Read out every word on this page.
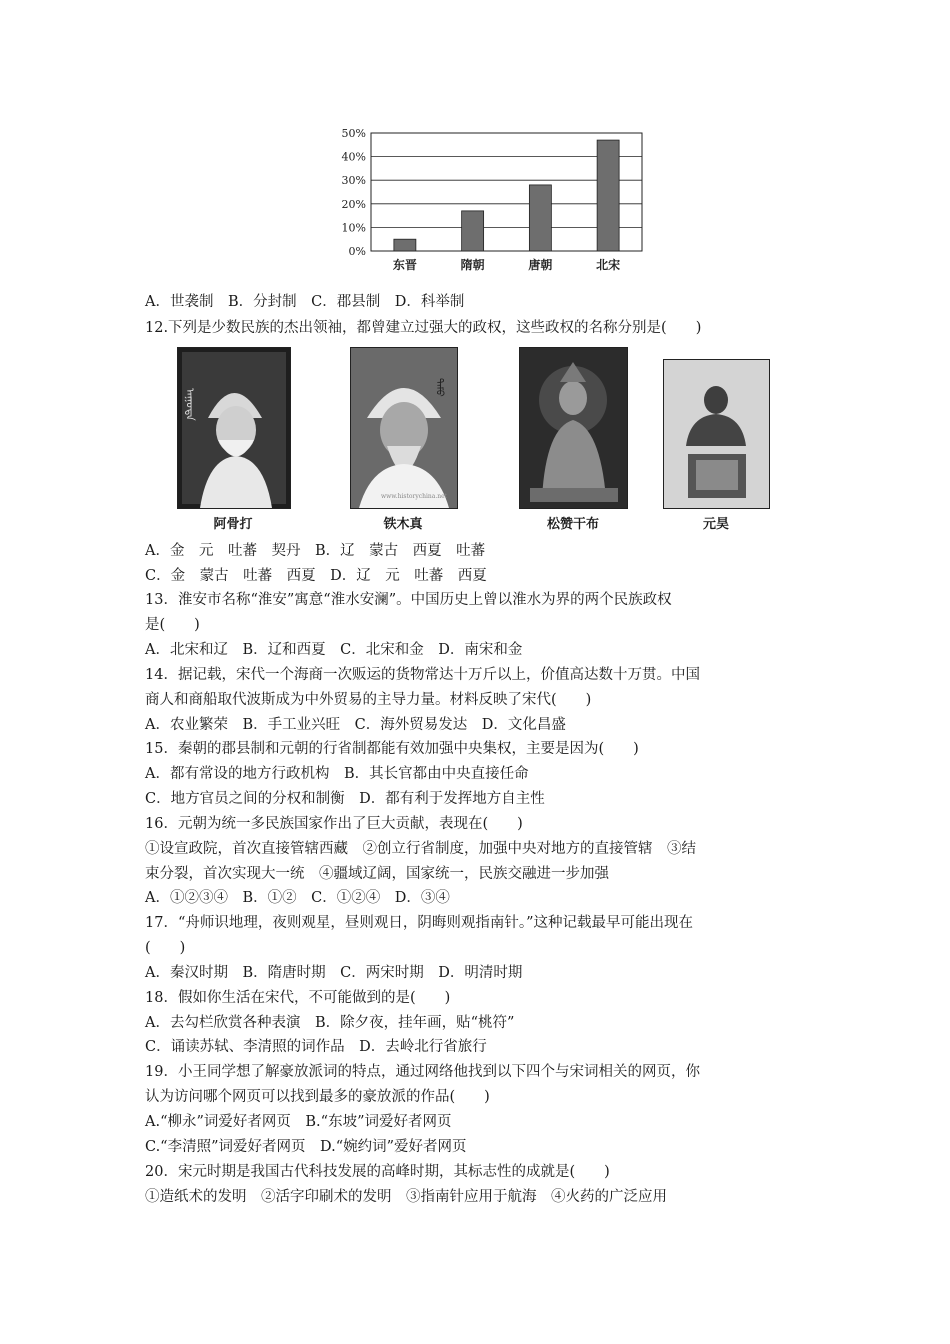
50%
40%
30%
20%
10%
0%
东晋	隋朝	唐朝	北宋
A．世袭制　B．分封制　C．郡县制　D．科举制
12.下列是少数民族的杰出领袖，都曾建立过强大的政权，这些政权的名称分别是(　　)
ᠠᠭᠤᠳᠠ
ᠲᠡᠮᠦ
www.historychina.net
阿骨打	铁木真	松赞干布	元昊
A．金　元　吐蕃　契丹　B．辽　蒙古　西夏　吐蕃
C．金　蒙古　吐蕃　西夏　D．辽　元　吐蕃　西夏
13．淮安市名称“淮安”寓意“淮水安澜”。中国历史上曾以淮水为界的两个民族政权
是(　　)
A．北宋和辽　B．辽和西夏　C．北宋和金　D．南宋和金
14．据记载，宋代一个海商一次贩运的货物常达十万斤以上，价值高达数十万贯。中国
商人和商船取代波斯成为中外贸易的主导力量。材料反映了宋代(　　)
A．农业繁荣　B．手工业兴旺　C．海外贸易发达　D．文化昌盛
15．秦朝的郡县制和元朝的行省制都能有效加强中央集权，主要是因为(　　)
A．都有常设的地方行政机构　B．其长官都由中央直接任命
C．地方官员之间的分权和制衡　D．都有利于发挥地方自主性
16．元朝为统一多民族国家作出了巨大贡献，表现在(　　)
①设宣政院，首次直接管辖西藏　②创立行省制度，加强中央对地方的直接管辖　③结
束分裂，首次实现大一统　④疆域辽阔，国家统一，民族交融进一步加强
A．①②③④　B．①②　C．①②④　D．③④
17．“舟师识地理，夜则观星，昼则观日，阴晦则观指南针。”这种记载最早可能出现在
(　　)
A．秦汉时期　B．隋唐时期　C．两宋时期　D．明清时期
18．假如你生活在宋代，不可能做到的是(　　)
A．去勾栏欣赏各种表演　B．除夕夜，挂年画，贴“桃符”
C．诵读苏轼、李清照的词作品　D．去岭北行省旅行
19．小王同学想了解豪放派词的特点，通过网络他找到以下四个与宋词相关的网页，你
认为访问哪个网页可以找到最多的豪放派的作品(　　)
A.“柳永”词爱好者网页　B.“东坡”词爱好者网页
C.“李清照”词爱好者网页　D.“婉约词”爱好者网页
20．宋元时期是我国古代科技发展的高峰时期，其标志性的成就是(　　)
①造纸术的发明　②活字印刷术的发明　③指南针应用于航海　④火药的广泛应用
